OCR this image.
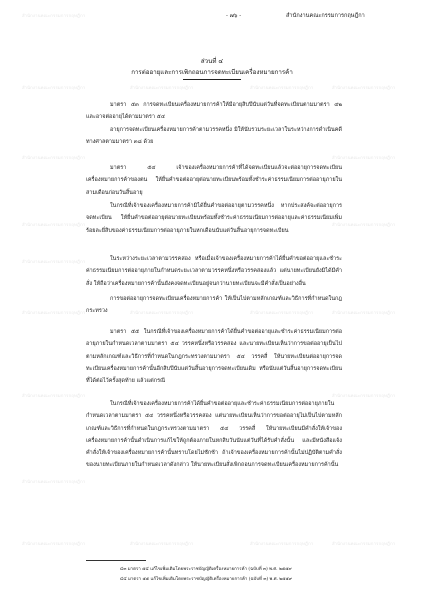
สำนักงานคณะกรรมการกฤษฎีกา
สำนักงานคณะกรรมการกฤษฎีกา	สำนักงานคณะกรรมการกฤษฎีกา	สำนักงานคณะกรรมการกฤษฎีกา	สำนักงานคณะกรรมการกฤษฎีกา
สำนักงานคณะกรรมการกฤษฎีกา	สำนักงานคณะกรรมการกฤษฎีกา
สำนักงานคณะกรรมการกฤษฎีกา	สำนักงานคณะกรรมการกฤษฎีกา
สำนักงานคณะกรรมการกฤษฎีกา
สำนักงานคณะกรรมการกฤษฎีกา	สำนักงานคณะกรรมการกฤษฎีกา	สำนักงานคณะกรรมการกฤษฎีกา	สำนักงานคณะกรรมการกฤษฎีกา
สำนักงานคณะกรรมการกฤษฎีกา	สำนักงานคณะกรรมการกฤษฎีกา
สำนักงานคณะกรรมการกฤษฎีกา
สำนักงานคณะกรรมการกฤษฎีกา	สำนักงานคณะกรรมการกฤษฎีกา	สำนักงานคณะกรรมการกฤษฎีกา	สำนักงานคณะกรรมการกฤษฎีกา
- ๗๖ -	สำนักงานคณะกรรมการกฤษฎีกา
ส่วนที่ ๔
การต่ออายุและการเพิกถอนการจดทะเบียนเครื่องหมายการค้า

มาตรา ๕๓ การจดทะเบียนเครื่องหมายการค้าให้มีอายุสิบปีนับแต่วันที่จดทะเบียนตามมาตรา ๔๒ และอาจต่ออายุได้ตามมาตรา ๕๔

อายุการจดทะเบียนเครื่องหมายการค้าตามวรรคหนึ่ง มิให้นับรวมระยะเวลาในระหว่างการดำเนินคดีทางศาลตามมาตรา ๓๘ ด้วย

มาตรา ๕๔ เจ้าของเครื่องหมายการค้าที่ได้จดทะเบียนแล้วจะต่ออายุการจดทะเบียนเครื่องหมายการค้าของตน ให้ยื่นคำขอต่ออายุต่อนายทะเบียนพร้อมทั้งชำระค่าธรรมเนียมการต่ออายุภายในสามเดือนก่อนวันสิ้นอายุ

ในกรณีที่เจ้าของเครื่องหมายการค้ามิได้ยื่นคำขอต่ออายุตามวรรคหนึ่ง หากประสงค์จะต่ออายุการจดทะเบียน ให้ยื่นคำขอต่ออายุต่อนายทะเบียนพร้อมทั้งชำระค่าธรรมเนียมการต่ออายุและค่าธรรมเนียมเพิ่มร้อยละยี่สิบของค่าธรรมเนียมการต่ออายุภายในหกเดือนนับแต่วันสิ้นอายุการจดทะเบียน

ในระหว่างระยะเวลาตามวรรคสอง หรือเมื่อเจ้าของเครื่องหมายการค้าได้ยื่นคำขอต่ออายุและชำระค่าธรรมเนียมการต่ออายุภายในกำหนดระยะเวลาตามวรรคหนึ่งหรือวรรคสองแล้ว แต่นายทะเบียนยังมิได้มีคำสั่ง ให้ถือว่าเครื่องหมายการค้านั้นยังคงจดทะเบียนอยู่จนกว่านายทะเบียนจะมีคำสั่งเป็นอย่างอื่น

การขอต่ออายุการจดทะเบียนเครื่องหมายการค้า ให้เป็นไปตามหลักเกณฑ์และวิธีการที่กำหนดในกฎกระทรวง

มาตรา ๕๕ ในกรณีที่เจ้าของเครื่องหมายการค้าได้ยื่นคำขอต่ออายุและชำระค่าธรรมเนียมการต่ออายุภายในกำหนดเวลาตามมาตรา ๕๔ วรรคหนึ่งหรือวรรคสอง และนายทะเบียนเห็นว่าการขอต่ออายุเป็นไปตามหลักเกณฑ์และวิธีการที่กำหนดในกฎกระทรวงตามมาตรา ๕๔ วรรคสี่ ให้นายทะเบียนต่ออายุการจดทะเบียนเครื่องหมายการค้านั้นอีกสิบปีนับแต่วันสิ้นอายุการจดทะเบียนเดิม หรือนับแต่วันสิ้นอายุการจดทะเบียนที่ได้ต่อไว้ครั้งสุดท้าย แล้วแต่กรณี

ในกรณีที่เจ้าของเครื่องหมายการค้าได้ยื่นคำขอต่ออายุและชำระค่าธรรมเนียมการต่ออายุภายในกำหนดเวลาตามมาตรา ๕๔ วรรคหนึ่งหรือวรรคสอง แต่นายทะเบียนเห็นว่าการขอต่ออายุไม่เป็นไปตามหลักเกณฑ์และวิธีการที่กำหนดในกฎกระทรวงตามมาตรา ๕๔ วรรคสี่ ให้นายทะเบียนมีคำสั่งให้เจ้าของเครื่องหมายการค้านั้นดำเนินการแก้ไขให้ถูกต้องภายในหกสิบวันนับแต่วันที่ได้รับคำสั่งนั้น และมีหนังสือแจ้งคำสั่งให้เจ้าของเครื่องหมายการค้านั้นทราบโดยไม่ชักช้า ถ้าเจ้าของเครื่องหมายการค้านั้นไม่ปฏิบัติตามคำสั่งของนายทะเบียนภายในกำหนดเวลาดังกล่าว ให้นายทะเบียนสั่งเพิกถอนการจดทะเบียนเครื่องหมายการค้านั้น

๔๓ มาตรา ๕๔ แก้ไขเพิ่มเติมโดยพระราชบัญญัติเครื่องหมายการค้า (ฉบับที่ ๓) พ.ศ. ๒๕๕๙
๔๔ มาตรา ๕๕ แก้ไขเพิ่มเติมโดยพระราชบัญญัติเครื่องหมายการค้า (ฉบับที่ ๓) พ.ศ. ๒๕๕๙
